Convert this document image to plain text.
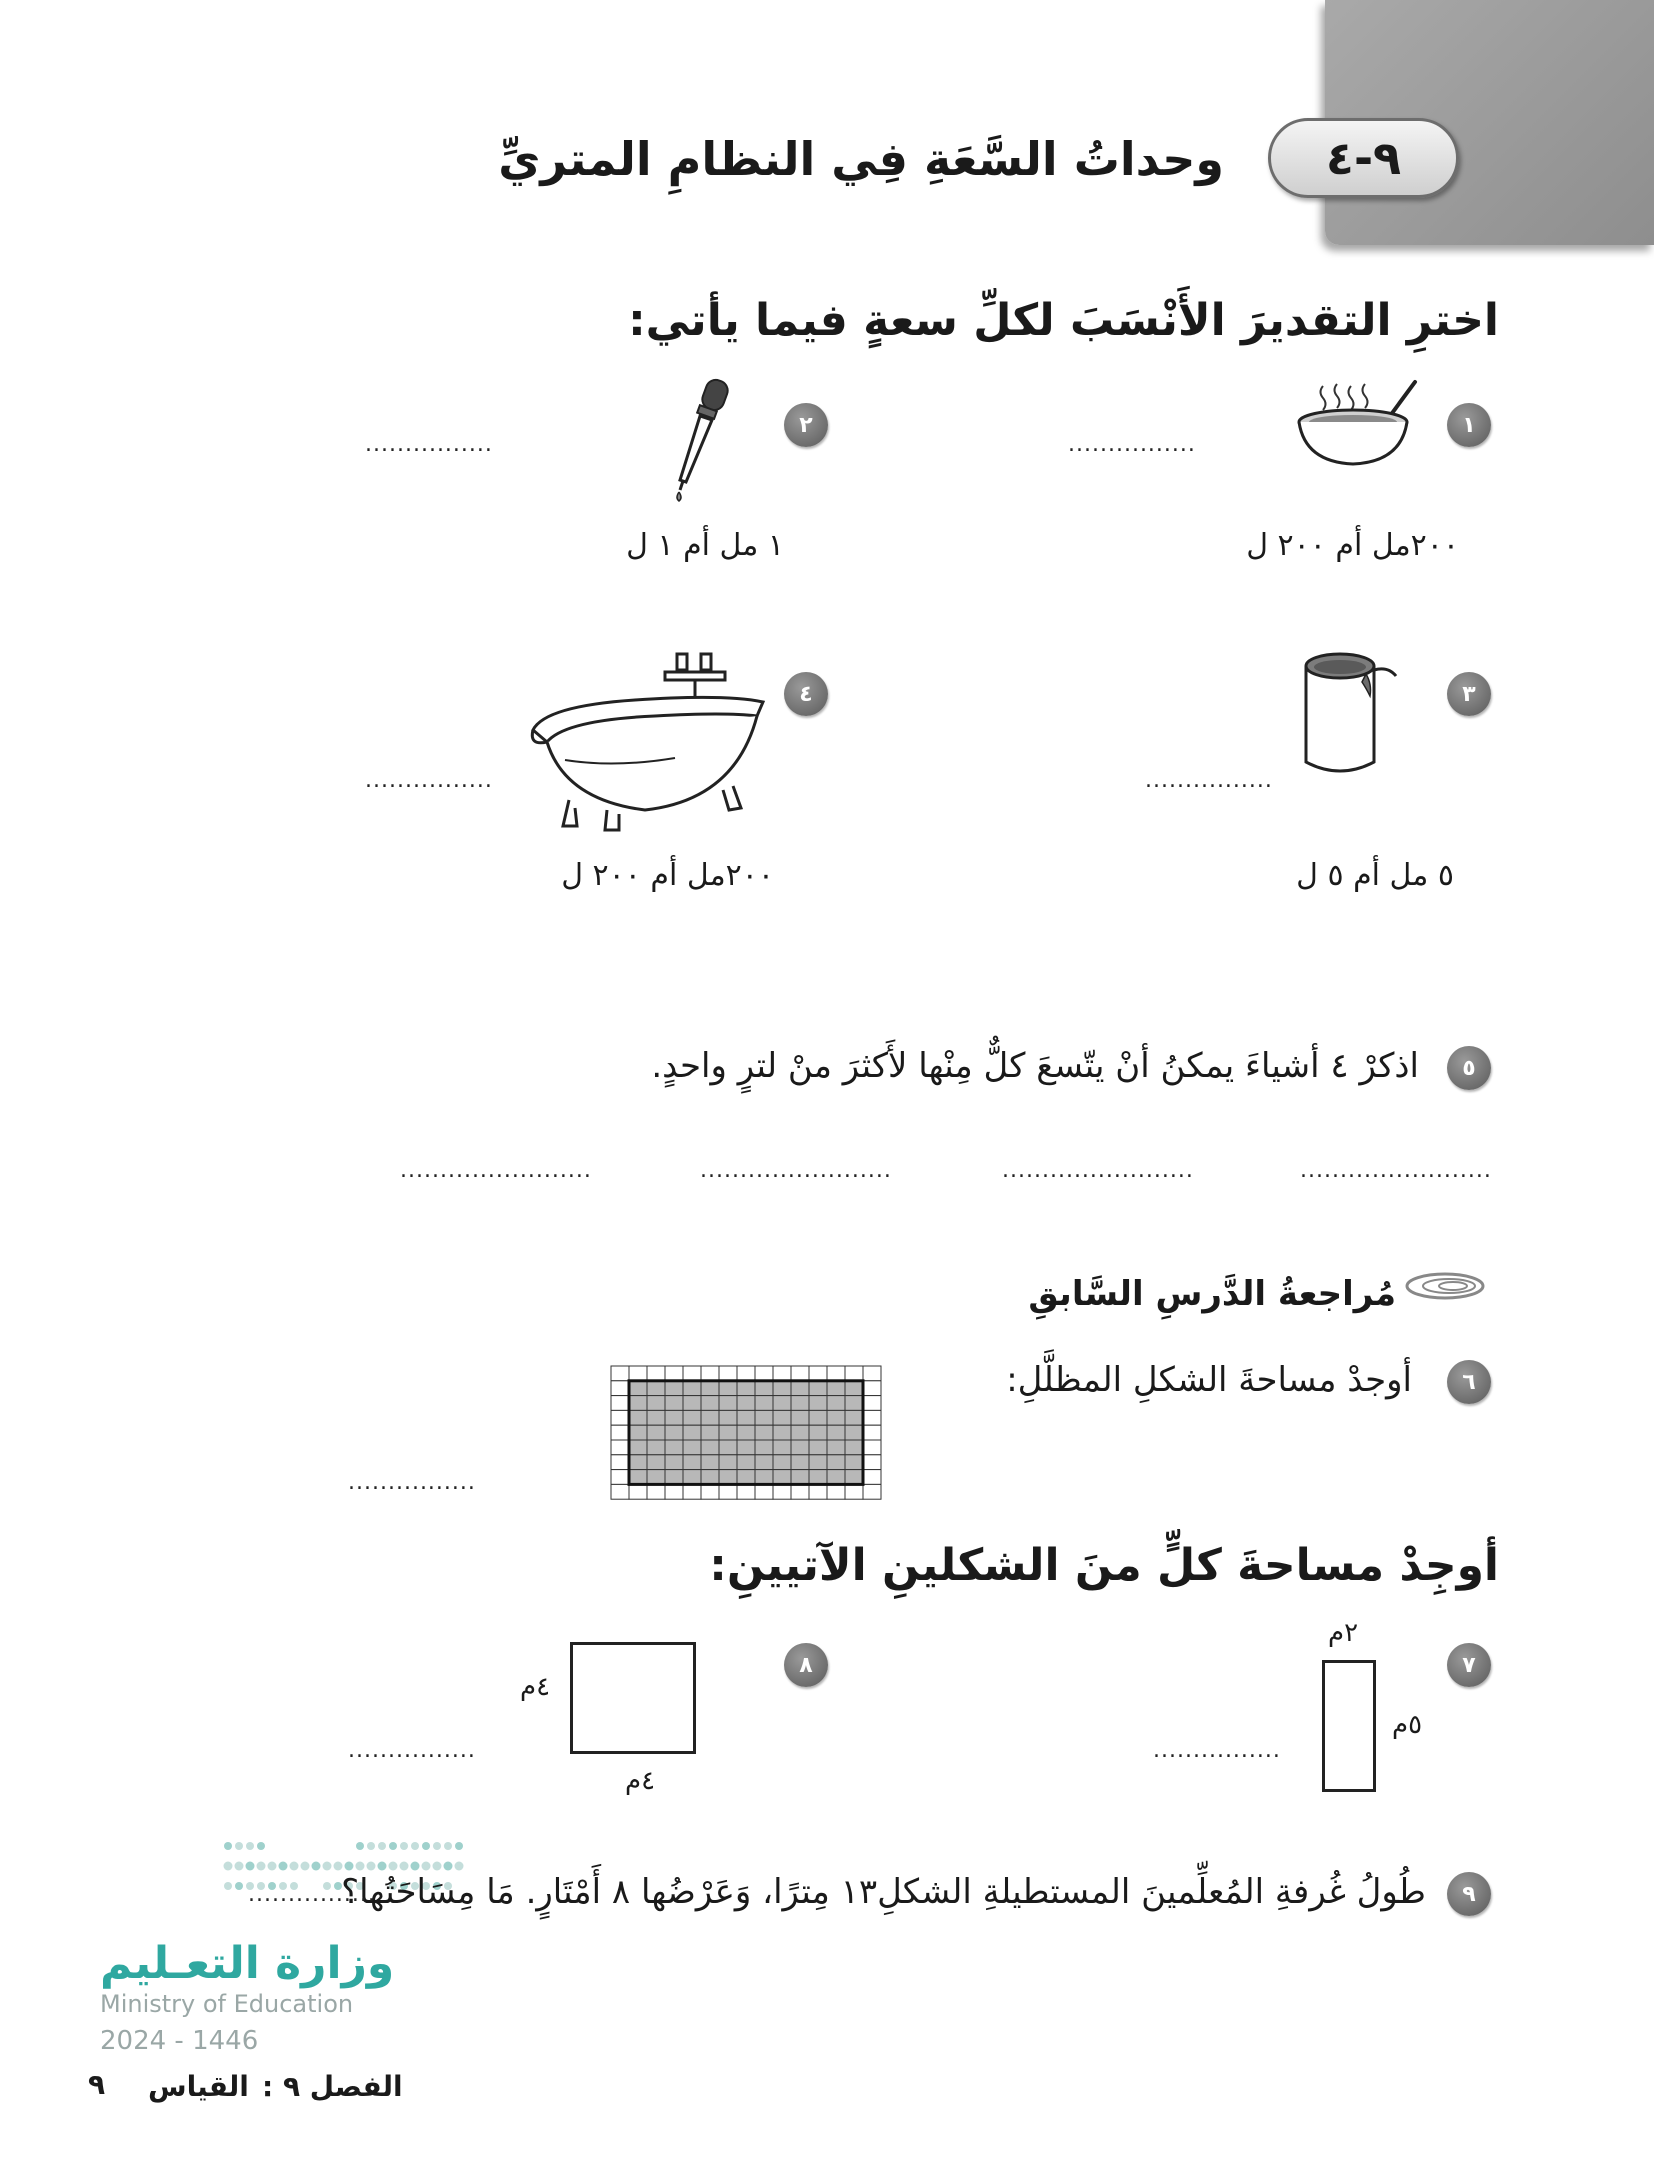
٩-٤
وحداتُ السَّعَةِ فِي النظامِ المتريِّ
اخترِ التقديرَ الأَنْسَبَ لكلِّ سعةٍ فيما يأتي:
١
................
٢٠٠مل أم ٢٠٠ ل
٢
................
١ مل أم ١ ل
٣
................
٥ مل أم ٥ ل
٤
................
٢٠٠مل أم ٢٠٠ ل
٥
اذكرْ ٤ أشياءَ يمكنُ أنْ يتّسعَ كلٌّ مِنْها لأَكثرَ منْ لترٍ واحدٍ.
........................
........................
........................
........................
مُراجعةُ الدَّرسِ السَّابقِ
٦
أوجدْ مساحةَ الشكلِ المظلَّلِ:
................
أوجِدْ مساحةَ كلٍّ منَ الشكلينِ الآتيينِ:
٧
٢م
٥م
................
٨
٤م
٤م
................
٩
طُولُ غُرفةِ المُعلِّمينَ المستطيلةِ الشكلِ١٣ مِترًا، وَعَرْضُها ٨ أَمْتَارٍ. مَا مِسَاحَتُها؟
................
وزارة التعـليم
Ministry of Education
2024 - 1446
٩ القياس الفصل ٩ :
